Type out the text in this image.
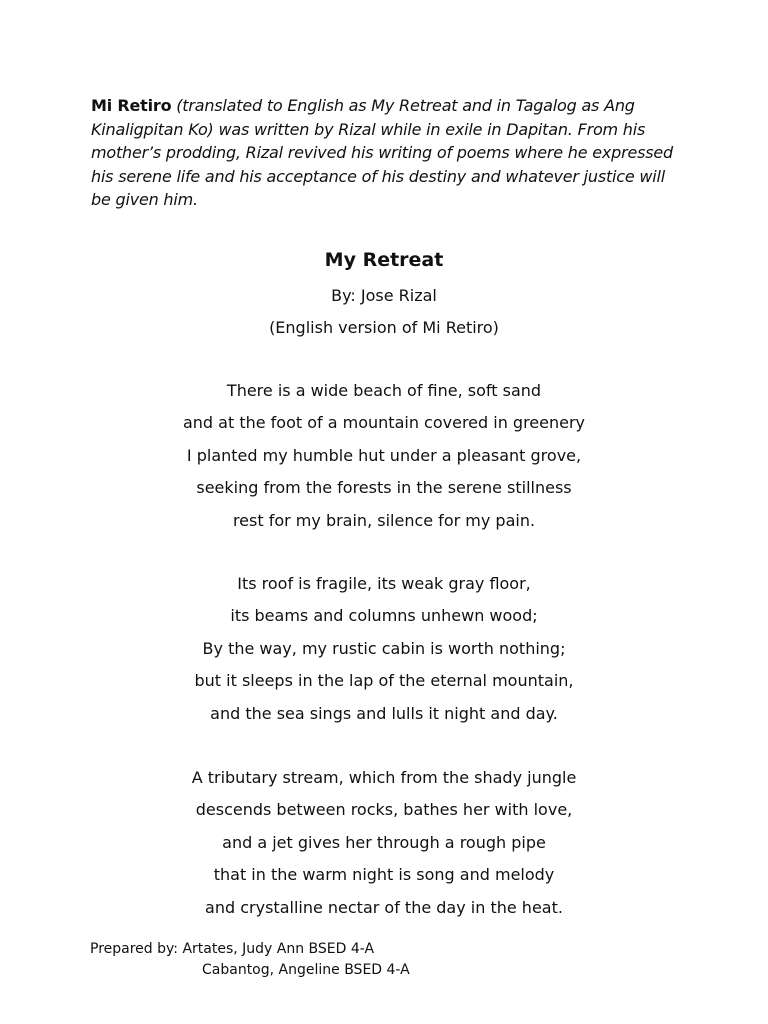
Mi Retiro (translated to English as My Retreat and in Tagalog as Ang Kinaligpitan Ko) was written by Rizal while in exile in Dapitan. From his mother’s prodding, Rizal revived his writing of poems where he expressed his serene life and his acceptance of his destiny and whatever justice will be given him.

My Retreat
By: Jose Rizal
(English version of Mi Retiro)
There is a wide beach of fine, soft sand
and at the foot of a mountain covered in greenery
I planted my humble hut under a pleasant grove,
seeking from the forests in the serene stillness
rest for my brain, silence for my pain.
Its roof is fragile, its weak gray floor,
its beams and columns unhewn wood;
By the way, my rustic cabin is worth nothing;
but it sleeps in the lap of the eternal mountain,
and the sea sings and lulls it night and day.
A tributary stream, which from the shady jungle
descends between rocks, bathes her with love,
and a jet gives her through a rough pipe
that in the warm night is song and melody
and crystalline nectar of the day in the heat.
Prepared by: Artates, Judy Ann BSED 4-A
Cabantog, Angeline BSED 4-A
